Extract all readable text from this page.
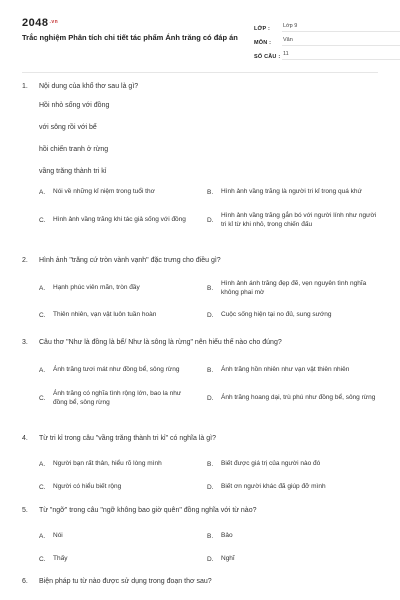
$2048^{.vn}$
Trắc nghiệm Phân tích chi tiết tác phẩm Ánh trăng có đáp án
LỚP :	Lớp 9
MÔN :	Văn
SỐ CÂU : 11
1.	Nội dung của khổ thơ sau là gì?
Hồi nhỏ sống với đồng
với sông rồi với bể
hồi chiến tranh ở rừng
vầng trăng thành tri kỉ
A.	Nói về những kỉ niệm trong tuổi thơ	B.	Hình ảnh vầng trăng là người tri kỉ trong quá khứ
C.	Hình ảnh vầng trăng khi tác giả sống với đồng	D.
Hình ảnh vầng trăng gắn bó với người lính như người tri kỉ từ khi nhỏ, trong chiến đấu
2.	Hình ảnh "trăng cứ tròn vành vạnh" đặc trưng cho điều gì?
A.	Hạnh phúc viên mãn, tròn đầy	B.
Hình ảnh ánh trăng đẹp đẽ, vẹn nguyên tình nghĩa không phai mờ
C.	Thiên nhiên, vạn vật luôn tuần hoàn	D.	Cuộc sống hiện tại no đủ, sung sướng
3.	Câu thơ "Như là đồng là bể/ Như là sông là rừng" nên hiểu thế nào cho đúng?
A.	Ánh trăng tươi mát như đồng bể, sông rừng	B.	Ánh trăng hồn nhiên như vạn vật thiên nhiên
C.
Ánh trăng có nghĩa tình rộng lớn, bao la như đồng bể, sông rừng
D.	Ánh trăng hoang dại, trù phú như đồng bể, sông rừng
4.	Từ tri kỉ trong câu "vầng trăng thành tri kỉ" có nghĩa là gì?
A.	Người bạn rất thân, hiểu rõ lòng mình	B.	Biết được giá trị của người nào đó
C.	Người có hiểu biết rộng	D.	Biết ơn người khác đã giúp đỡ mình
5.	Từ "ngỡ" trong câu "ngỡ không bao giờ quên" đồng nghĩa với từ nào?
A.	Nói	B.	Bảo
C.	Thấy	D.	Nghĩ
6.	Biện pháp tu từ nào được sử dụng trong đoạn thơ sau?
